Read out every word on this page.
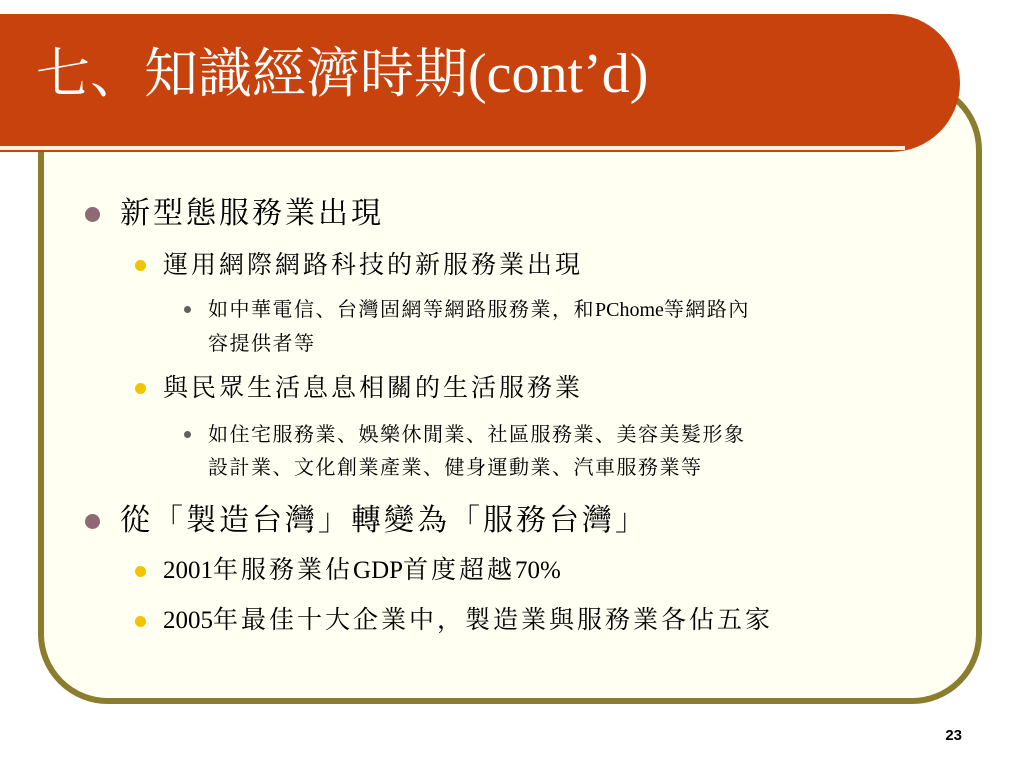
七、知識經濟時期(cont’d)
新型態服務業出現
運用網際網路科技的新服務業出現
如中華電信、台灣固網等網路服務業，和PChome等網路內
容提供者等
與民眾生活息息相關的生活服務業
如住宅服務業、娛樂休閒業、社區服務業、美容美髮形象
設計業、文化創業產業、健身運動業、汽車服務業等
從「製造台灣」轉變為「服務台灣」
2001年服務業佔GDP首度超越70%
2005年最佳十大企業中，製造業與服務業各佔五家
23
